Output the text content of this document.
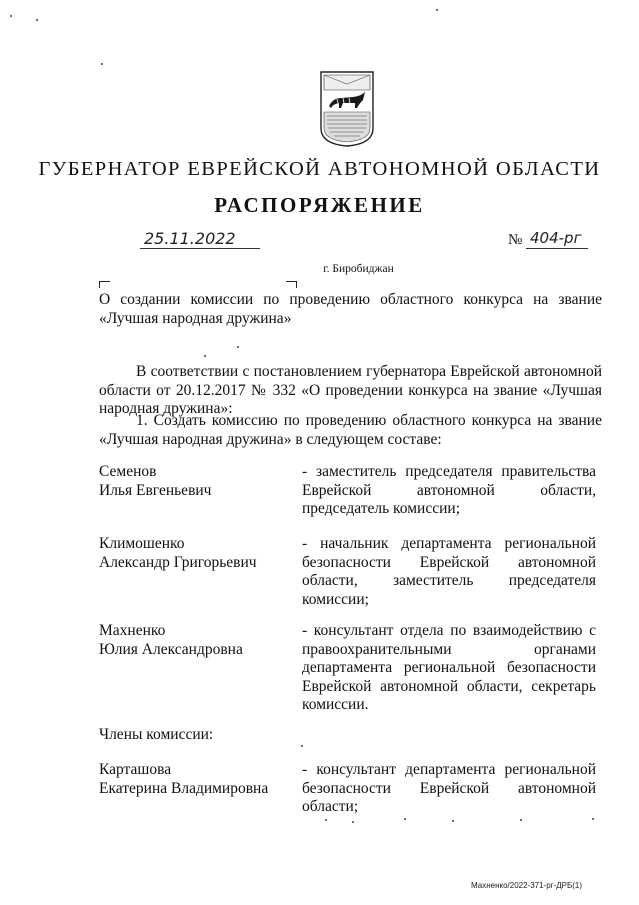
ГУБЕРНАТОР ЕВРЕЙСКОЙ АВТОНОМНОЙ ОБЛАСТИ
РАСПОРЯЖЕНИЕ
25.11.2022	№ 404-рг
г. Биробиджан
О создании комиссии по проведению областного конкурса на звание «Лучшая народная дружина»
В соответствии с постановлением губернатора Еврейской автономной области от 20.12.2017 № 332 «О проведении конкурса на звание «Лучшая народная дружина»:
1. Создать комиссию по проведению областного конкурса на звание «Лучшая народная дружина» в следующем составе:
Семенов
Илья Евгеньевич
- заместитель председателя правительства Еврейской автономной области, председатель комиссии;
Климошенко
Александр Григорьевич
- начальник департамента региональной безопасности Еврейской автономной области, заместитель председателя комиссии;
Махненко
Юлия Александровна
- консультант отдела по взаимодействию с правоохранительными органами департамента региональной безопасности Еврейской автономной области, секретарь комиссии.
Члены комиссии:
Карташова
Екатерина Владимировна
- консультант департамента региональной безопасности Еврейской автономной области;
Махненко/2022-371-рг-ДРБ(1)
